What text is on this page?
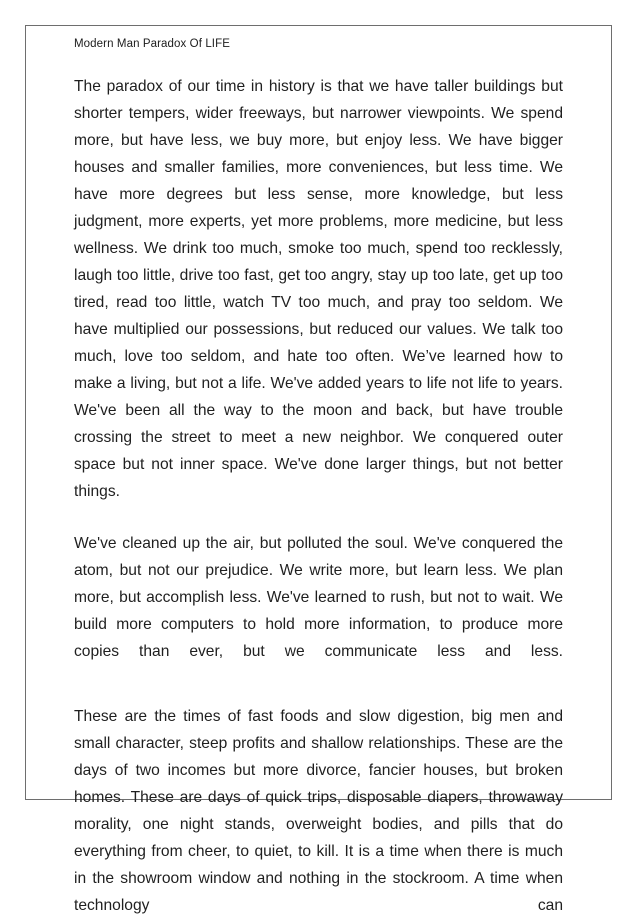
Modern Man Paradox Of LIFE

The paradox of our time in history is that we have taller buildings but shorter tempers, wider freeways, but narrower viewpoints. We spend more, but have less, we buy more, but enjoy less. We have bigger houses and smaller families, more conveniences, but less time. We have more degrees but less sense, more knowledge, but less judgment, more experts, yet more problems, more medicine, but less wellness. We drink too much, smoke too much, spend too recklessly, laugh too little, drive too fast, get too angry, stay up too late, get up too tired, read too little, watch TV too much, and pray too seldom. We have multiplied our possessions, but reduced our values. We talk too much, love too seldom, and hate too often. We’ve learned how to make a living, but not a life. We've added years to life not life to years. We've been all the way to the moon and back, but have trouble crossing the street to meet a new neighbor. We conquered outer space but not inner space. We've done larger things, but not better things.

We've cleaned up the air, but polluted the soul. We've conquered the atom, but not our prejudice. We write more, but learn less. We plan more, but accomplish less. We've learned to rush, but not to wait. We build more computers to hold more information, to produce more copies than ever, but we communicate less and less.

These are the times of fast foods and slow digestion, big men and small character, steep profits and shallow relationships. These are the days of two incomes but more divorce, fancier houses, but broken homes. These are days of quick trips, disposable diapers, throwaway morality, one night stands, overweight bodies, and pills that do everything from cheer, to quiet, to kill. It is a time when there is much in the showroom window and nothing in the stockroom. A time when technology can
